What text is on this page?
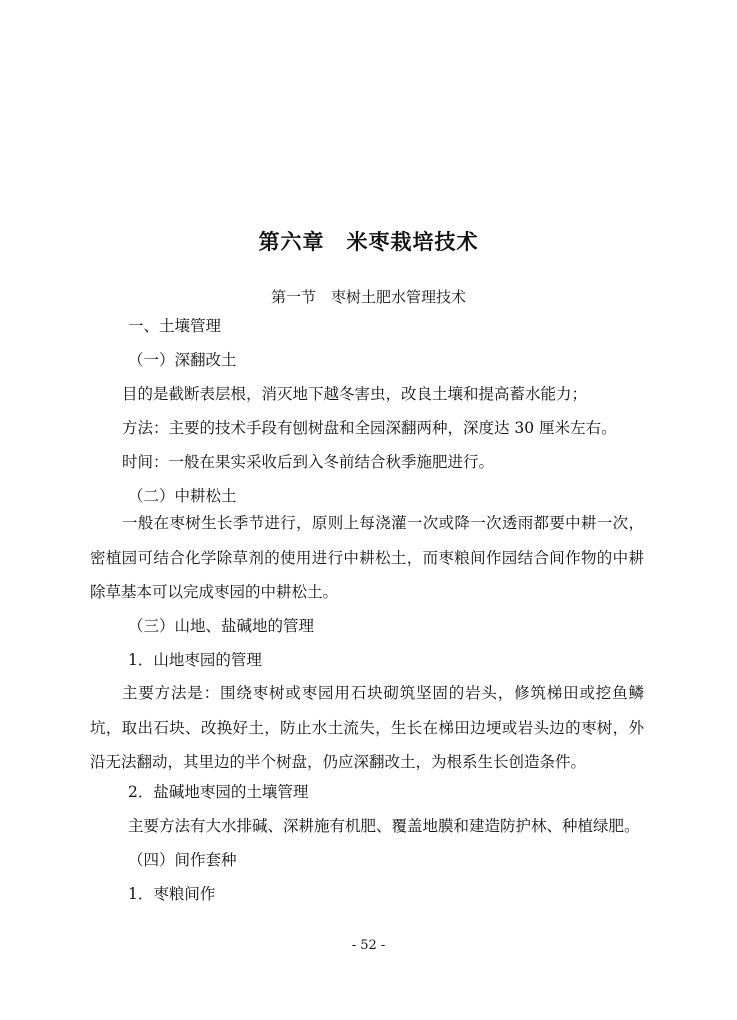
第六章　米枣栽培技术
第一节　枣树土肥水管理技术
一、土壤管理
（一）深翻改土
目的是截断表层根，消灭地下越冬害虫，改良土壤和提高蓄水能力；
方法：主要的技术手段有刨树盘和全园深翻两种，深度达 30 厘米左右。
时间：一般在果实采收后到入冬前结合秋季施肥进行。
（二）中耕松土

一般在枣树生长季节进行，原则上每浇灌一次或降一次透雨都要中耕一次，密植园可结合化学除草剂的使用进行中耕松土，而枣粮间作园结合间作物的中耕除草基本可以完成枣园的中耕松土。

（三）山地、盐碱地的管理
1．山地枣园的管理

主要方法是：围绕枣树或枣园用石块砌筑坚固的岩头，修筑梯田或挖鱼鳞坑，取出石块、改换好土，防止水土流失，生长在梯田边埂或岩头边的枣树，外沿无法翻动，其里边的半个树盘，仍应深翻改土，为根系生长创造条件。

2．盐碱地枣园的土壤管理
主要方法有大水排碱、深耕施有机肥、覆盖地膜和建造防护林、种植绿肥。
（四）间作套种
1．枣粮间作
- 52 -
